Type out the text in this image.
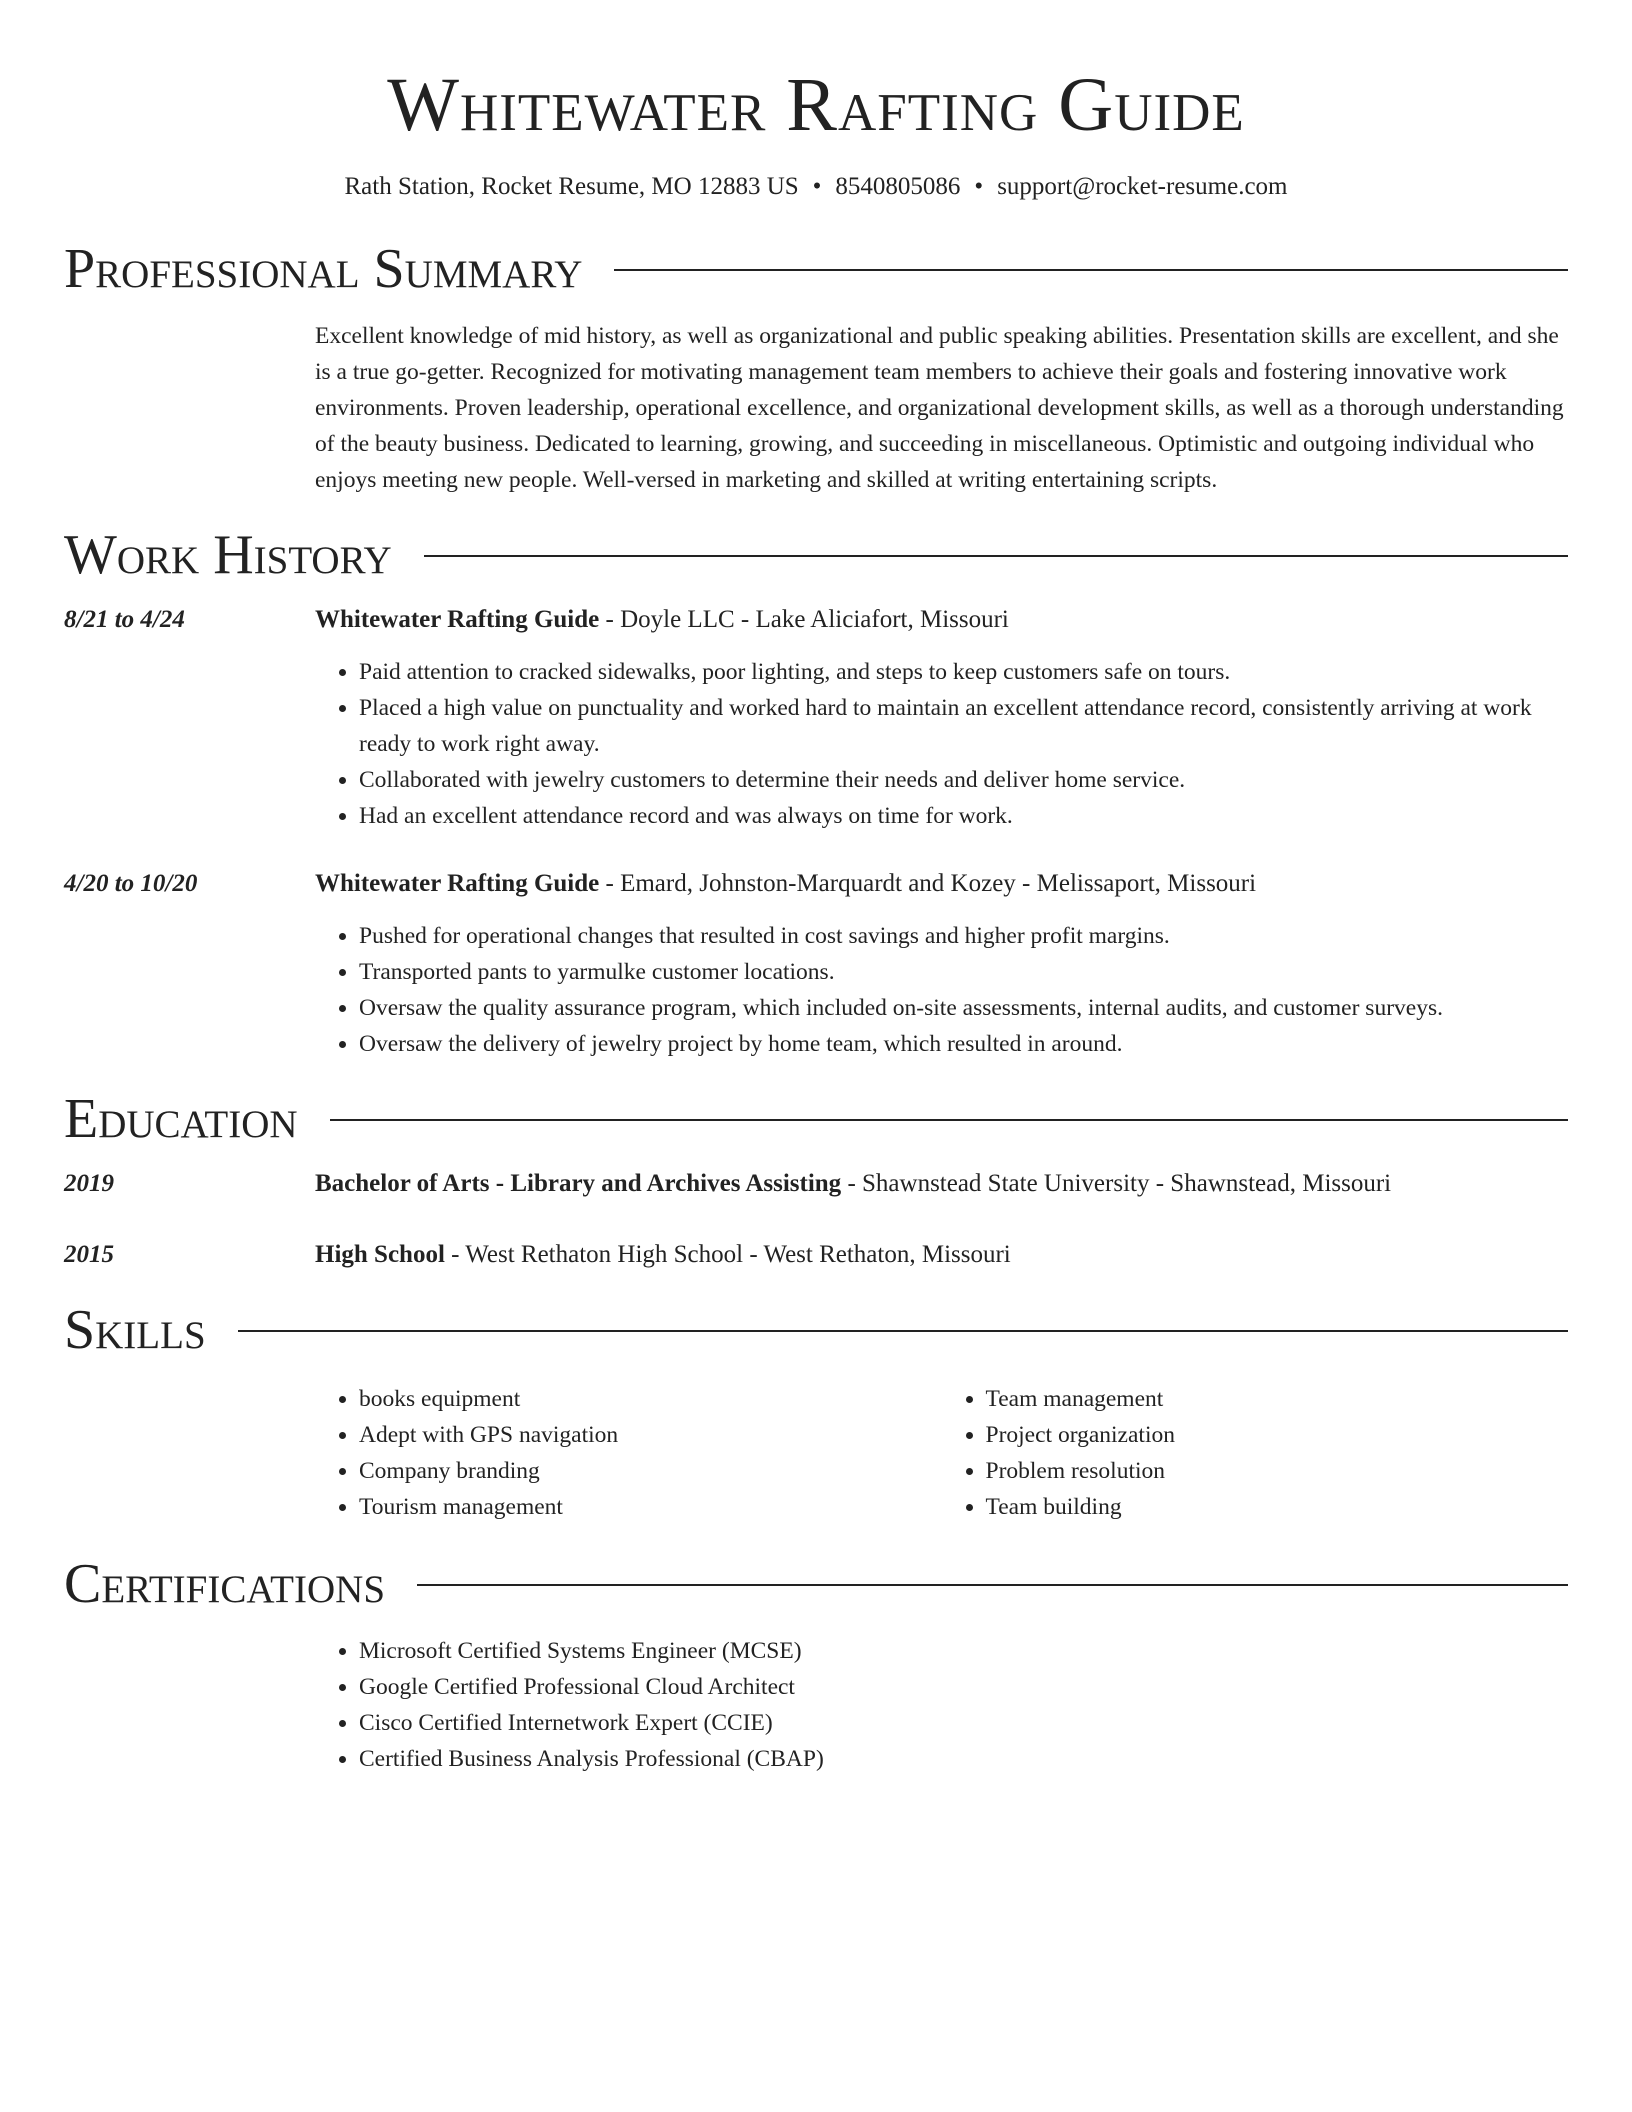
Whitewater Rafting Guide
Rath Station, Rocket Resume, MO 12883 US • 8540805086 • support@rocket-resume.com
Professional Summary
Excellent knowledge of mid history, as well as organizational and public speaking abilities. Presentation skills are excellent, and she is a true go-getter. Recognized for motivating management team members to achieve their goals and fostering innovative work environments. Proven leadership, operational excellence, and organizational development skills, as well as a thorough understanding of the beauty business. Dedicated to learning, growing, and succeeding in miscellaneous. Optimistic and outgoing individual who enjoys meeting new people. Well-versed in marketing and skilled at writing entertaining scripts.
Work History
8/21 to 4/24	Whitewater Rafting Guide - Doyle LLC - Lake Aliciafort, Missouri
• Paid attention to cracked sidewalks, poor lighting, and steps to keep customers safe on tours.
• Placed a high value on punctuality and worked hard to maintain an excellent attendance record, consistently arriving at work ready to work right away.
• Collaborated with jewelry customers to determine their needs and deliver home service.
• Had an excellent attendance record and was always on time for work.
4/20 to 10/20	Whitewater Rafting Guide - Emard, Johnston-Marquardt and Kozey - Melissaport, Missouri
• Pushed for operational changes that resulted in cost savings and higher profit margins.
• Transported pants to yarmulke customer locations.
• Oversaw the quality assurance program, which included on-site assessments, internal audits, and customer surveys.
• Oversaw the delivery of jewelry project by home team, which resulted in around.
Education
2019	Bachelor of Arts - Library and Archives Assisting - Shawnstead State University - Shawnstead, Missouri
2015	High School - West Rethaton High School - West Rethaton, Missouri
Skills
• books equipment
• Adept with GPS navigation
• Company branding
• Tourism management
• Team management
• Project organization
• Problem resolution
• Team building
Certifications
• Microsoft Certified Systems Engineer (MCSE)
• Google Certified Professional Cloud Architect
• Cisco Certified Internetwork Expert (CCIE)
• Certified Business Analysis Professional (CBAP)
